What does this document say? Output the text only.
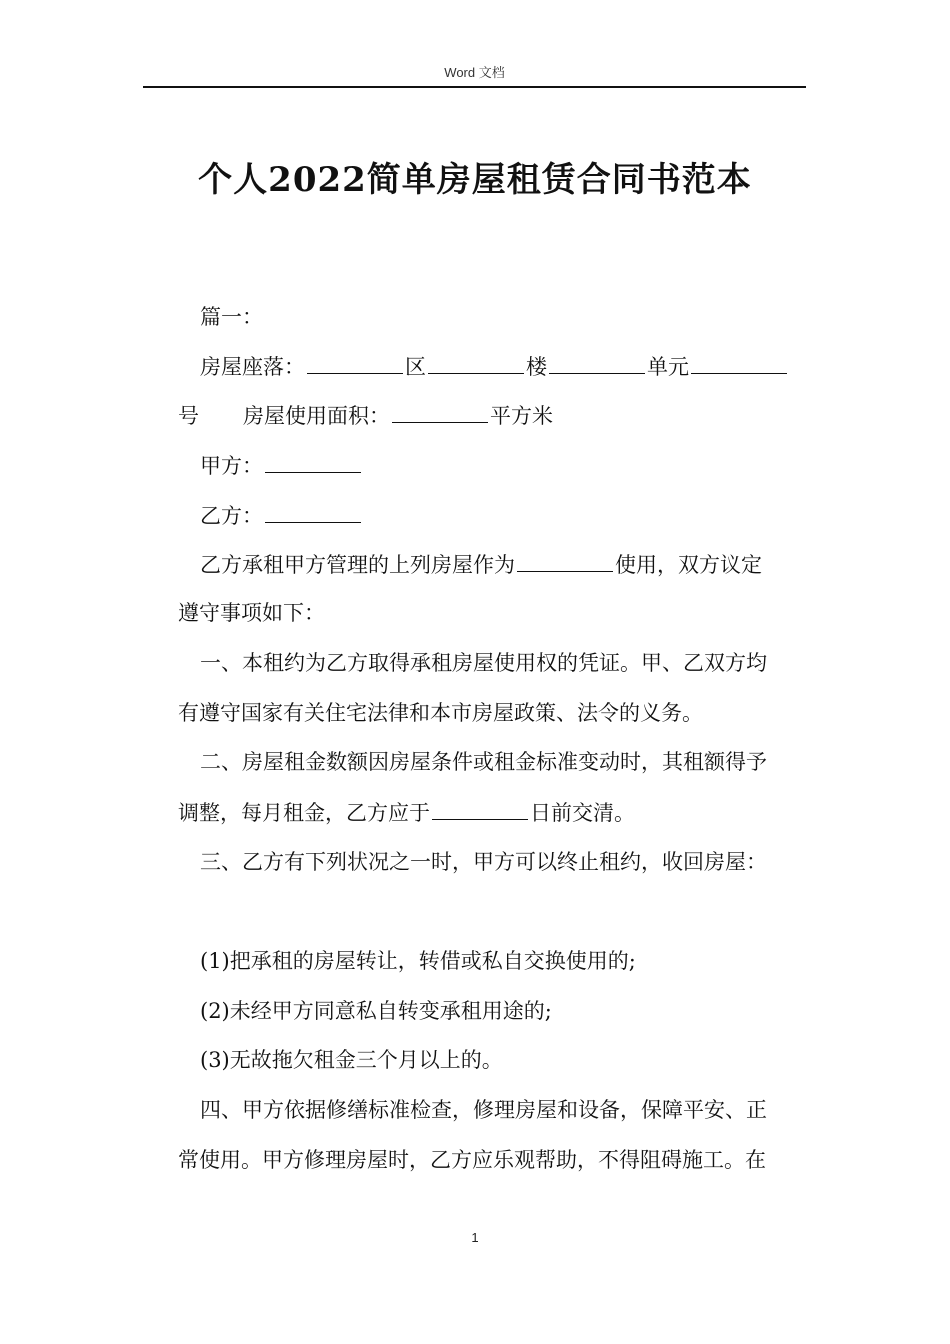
Word 文档
个人2022简单房屋租赁合同书范本
篇一：
房屋座落：	区	楼	单元
号 房屋使用面积：	平方米
甲方：
乙方：
乙方承租甲方管理的上列房屋作为	使用，双方议定
遵守事项如下：
一、本租约为乙方取得承租房屋使用权的凭证。甲、乙双方均
有遵守国家有关住宅法律和本市房屋政策、法令的义务。
二、房屋租金数额因房屋条件或租金标准变动时，其租额得予
调整，每月租金，乙方应于	日前交清。
三、乙方有下列状况之一时，甲方可以终止租约，收回房屋：
(1)把承租的房屋转让，转借或私自交换使用的;
(2)未经甲方同意私自转变承租用途的;
(3)无故拖欠租金三个月以上的。
四、甲方依据修缮标准检查，修理房屋和设备，保障平安、正
常使用。甲方修理房屋时，乙方应乐观帮助，不得阻碍施工。在
1
